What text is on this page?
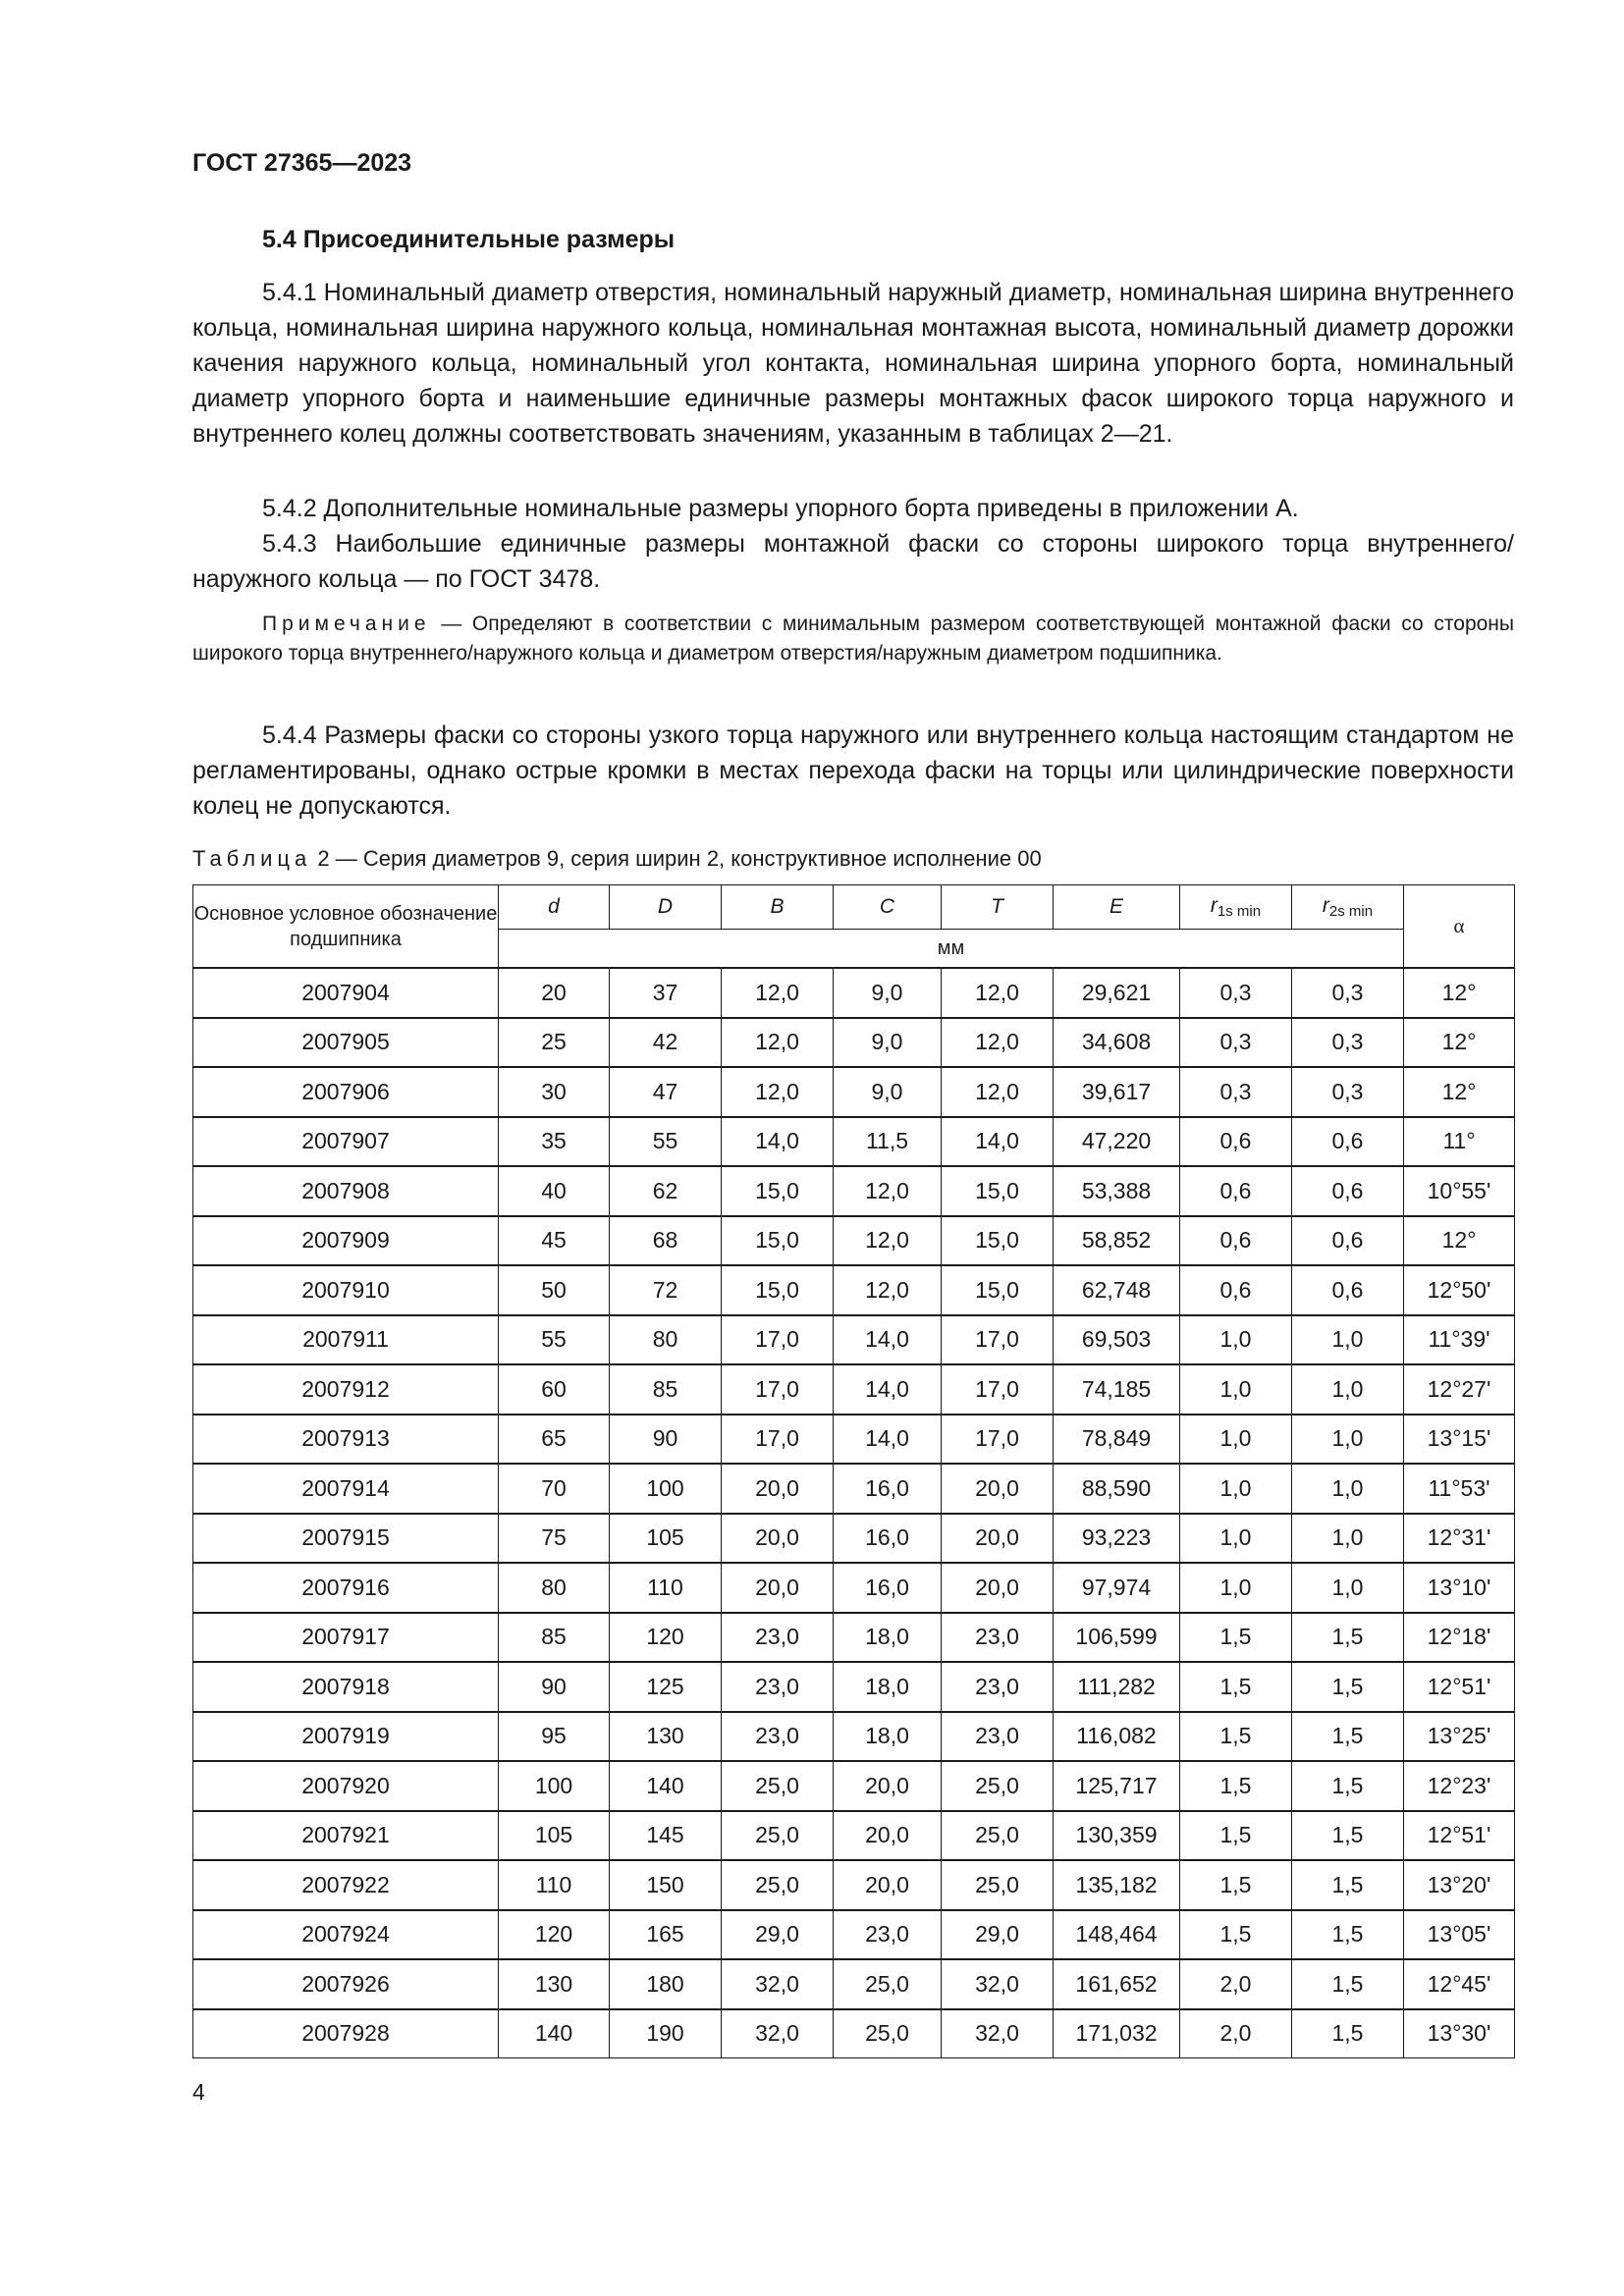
ГОСТ 27365—2023
5.4 Присоединительные размеры

5.4.1 Номинальный диаметр отверстия, номинальный наружный диаметр, номинальная ширина внутреннего кольца, номинальная ширина наружного кольца, номинальная монтажная высота, номинальный диаметр дорожки качения наружного кольца, номинальный угол контакта, номинальная ширина упорного борта, номинальный диаметр упорного борта и наименьшие единичные размеры монтажных фасок широкого торца наружного и внутреннего колец должны соответствовать значениям, указанным в таблицах 2—21.

5.4.2 Дополнительные номинальные размеры упорного борта приведены в приложении А.

5.4.3 Наибольшие единичные размеры монтажной фаски со стороны широкого торца внутреннего/наружного кольца — по ГОСТ 3478.

Примечание — Определяют в соответствии с минимальным размером соответствующей монтажной фаски со стороны широкого торца внутреннего/наружного кольца и диаметром отверстия/наружным диаметром подшипника.

5.4.4 Размеры фаски со стороны узкого торца наружного или внутреннего кольца настоящим стандартом не регламентированы, однако острые кромки в местах перехода фаски на торцы или цилиндрические поверхности колец не допускаются.

Таблица 2 — Серия диаметров 9, серия ширин 2, конструктивное исполнение 00
Основное условное обозначение подшипника	d	D	B	C	T	E	$r_{1s min}$	$r_{2s min}$	α
	мм								
2007904	20	37	12,0	9,0	12,0	29,621	0,3	0,3	12°
2007905	25	42	12,0	9,0	12,0	34,608	0,3	0,3	12°
2007906	30	47	12,0	9,0	12,0	39,617	0,3	0,3	12°
2007907	35	55	14,0	11,5	14,0	47,220	0,6	0,6	11°
2007908	40	62	15,0	12,0	15,0	53,388	0,6	0,6	10°55'
2007909	45	68	15,0	12,0	15,0	58,852	0,6	0,6	12°
2007910	50	72	15,0	12,0	15,0	62,748	0,6	0,6	12°50'
2007911	55	80	17,0	14,0	17,0	69,503	1,0	1,0	11°39'
2007912	60	85	17,0	14,0	17,0	74,185	1,0	1,0	12°27'
2007913	65	90	17,0	14,0	17,0	78,849	1,0	1,0	13°15'
2007914	70	100	20,0	16,0	20,0	88,590	1,0	1,0	11°53'
2007915	75	105	20,0	16,0	20,0	93,223	1,0	1,0	12°31'
2007916	80	110	20,0	16,0	20,0	97,974	1,0	1,0	13°10'
2007917	85	120	23,0	18,0	23,0	106,599	1,5	1,5	12°18'
2007918	90	125	23,0	18,0	23,0	111,282	1,5	1,5	12°51'
2007919	95	130	23,0	18,0	23,0	116,082	1,5	1,5	13°25'
2007920	100	140	25,0	20,0	25,0	125,717	1,5	1,5	12°23'
2007921	105	145	25,0	20,0	25,0	130,359	1,5	1,5	12°51'
2007922	110	150	25,0	20,0	25,0	135,182	1,5	1,5	13°20'
2007924	120	165	29,0	23,0	29,0	148,464	1,5	1,5	13°05'
2007926	130	180	32,0	25,0	32,0	161,652	2,0	1,5	12°45'
2007928	140	190	32,0	25,0	32,0	171,032	2,0	1,5	13°30'
4
